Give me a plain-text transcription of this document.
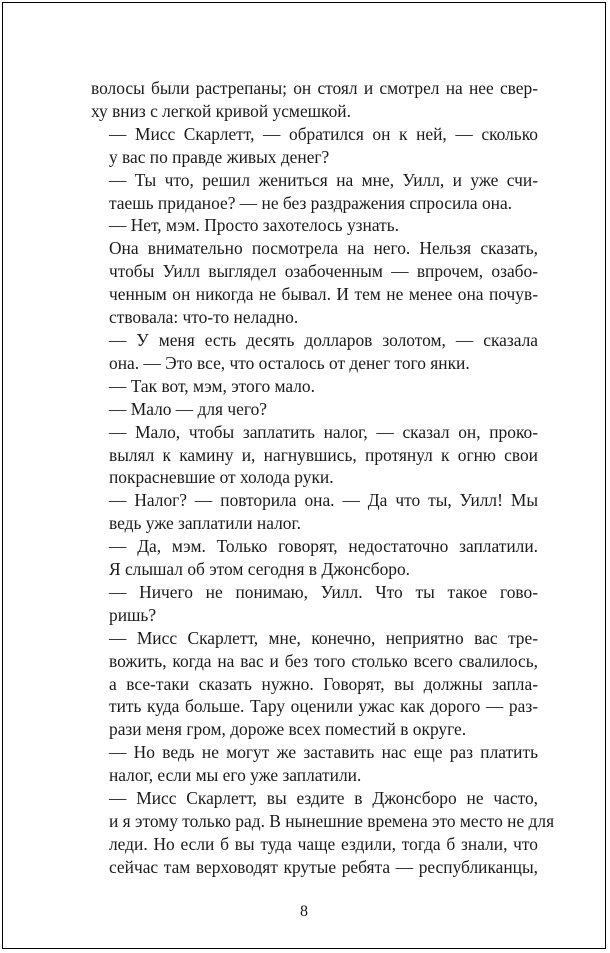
волосы были растрепаны; он стоял и смотрел на нее свер-
ху вниз с легкой кривой усмешкой.

— Мисс Скарлетт, — обратился он к ней, — сколько
у вас по правде живых денег?

— Ты что, решил жениться на мне, Уилл, и уже счи-
таешь приданое? — не без раздражения спросила она.

— Нет, мэм. Просто захотелось узнать.

Она внимательно посмотрела на него. Нельзя сказать,
чтобы Уилл выглядел озабоченным — впрочем, озабо-
ченным он никогда не бывал. И тем не менее она почув-
ствовала: что-то неладно.

— У меня есть десять долларов золотом, — сказала
она. — Это все, что осталось от денег того янки.

— Так вот, мэм, этого мало.

— Мало — для чего?

— Мало, чтобы заплатить налог, — сказал он, проко-
вылял к камину и, нагнувшись, протянул к огню свои
покрасневшие от холода руки.

— Налог? — повторила она. — Да что ты, Уилл! Мы
ведь уже заплатили налог.

— Да, мэм. Только говорят, недостаточно заплатили.
Я слышал об этом сегодня в Джонсборо.

— Ничего не понимаю, Уилл. Что ты такое гово-
ришь?

— Мисс Скарлетт, мне, конечно, неприятно вас тре-
вожить, когда на вас и без того столько всего свалилось,
а все-таки сказать нужно. Говорят, вы должны запла-
тить куда больше. Тару оценили ужас как дорого — раз-
рази меня гром, дороже всех поместий в округе.

— Но ведь не могут же заставить нас еще раз платить
налог, если мы его уже заплатили.

— Мисс Скарлетт, вы ездите в Джонсборо не часто,
и я этому только рад. В нынешние времена это место не для
леди. Но если б вы туда чаще ездили, тогда б знали, что
сейчас там верховодят крутые ребята — республиканцы,

8
